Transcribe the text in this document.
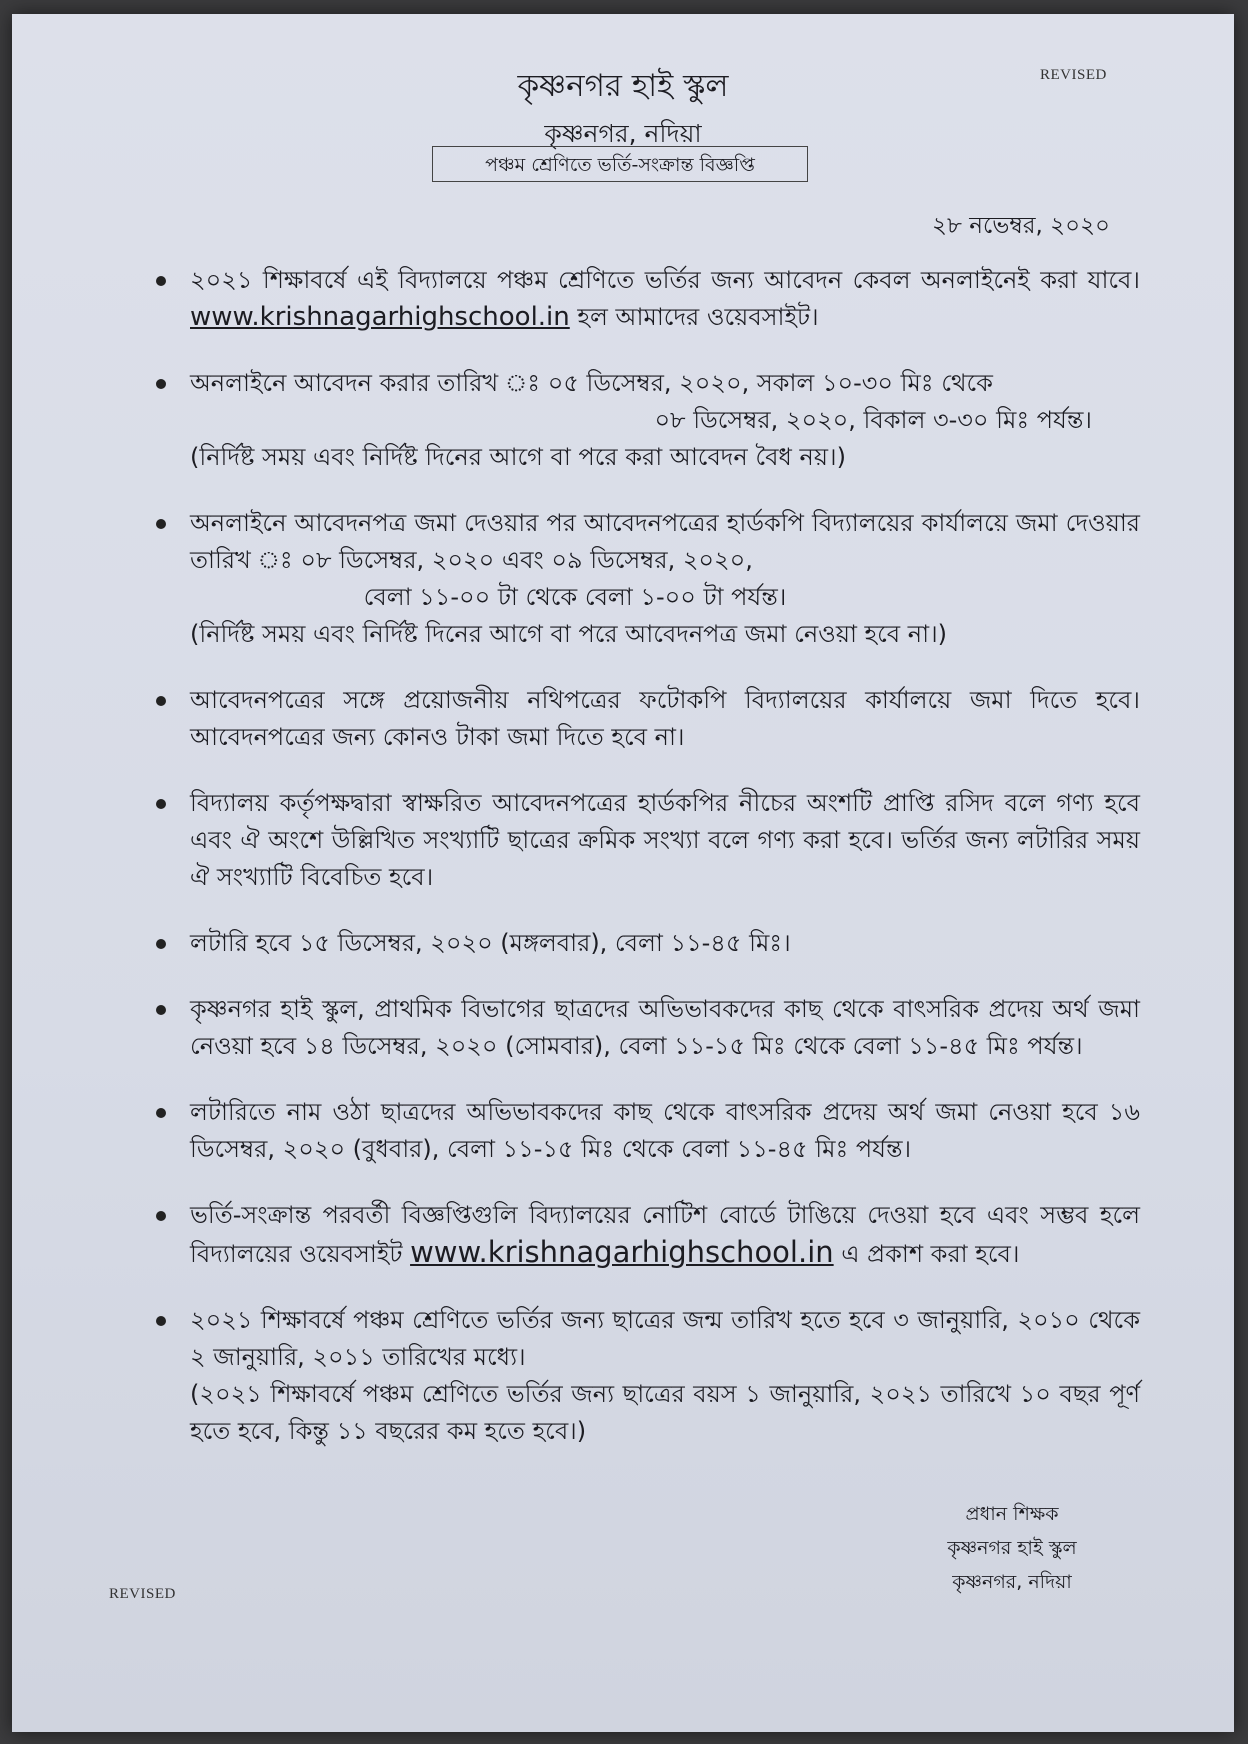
REVISED
কৃষ্ণনগর হাই স্কুল
কৃষ্ণনগর, নদিয়া
পঞ্চম শ্রেণিতে ভর্তি-সংক্রান্ত বিজ্ঞপ্তি
২৮ নভেম্বর, ২০২০
২০২১ শিক্ষাবর্ষে এই বিদ্যালয়ে পঞ্চম শ্রেণিতে ভর্তির জন্য আবেদন কেবল অনলাইনেই করা যাবে। www.krishnagarhighschool.in হল আমাদের ওয়েবসাইট।
অনলাইনে আবেদন করার তারিখ ঃ ০৫ ডিসেম্বর, ২০২০, সকাল ১০-৩০ মিঃ থেকে
০৮ ডিসেম্বর, ২০২০, বিকাল ৩-৩০ মিঃ পর্যন্ত।
(নির্দিষ্ট সময় এবং নির্দিষ্ট দিনের আগে বা পরে করা আবেদন বৈধ নয়।)
অনলাইনে আবেদনপত্র জমা দেওয়ার পর আবেদনপত্রের হার্ডকপি বিদ্যালয়ের কার্যালয়ে জমা দেওয়ার তারিখ ঃ ০৮ ডিসেম্বর, ২০২০ এবং ০৯ ডিসেম্বর, ২০২০,
বেলা ১১-০০ টা থেকে বেলা ১-০০ টা পর্যন্ত।
(নির্দিষ্ট সময় এবং নির্দিষ্ট দিনের আগে বা পরে আবেদনপত্র জমা নেওয়া হবে না।)
আবেদনপত্রের সঙ্গে প্রয়োজনীয় নথিপত্রের ফটোকপি বিদ্যালয়ের কার্যালয়ে জমা দিতে হবে। আবেদনপত্রের জন্য কোনও টাকা জমা দিতে হবে না।
বিদ্যালয় কর্তৃপক্ষদ্বারা স্বাক্ষরিত আবেদনপত্রের হার্ডকপির নীচের অংশটি প্রাপ্তি রসিদ বলে গণ্য হবে এবং ঐ অংশে উল্লিখিত সংখ্যাটি ছাত্রের ক্রমিক সংখ্যা বলে গণ্য করা হবে। ভর্তির জন্য লটারির সময় ঐ সংখ্যাটি বিবেচিত হবে।
লটারি হবে ১৫ ডিসেম্বর, ২০২০ (মঙ্গলবার), বেলা ১১-৪৫ মিঃ।
কৃষ্ণনগর হাই স্কুল, প্রাথমিক বিভাগের ছাত্রদের অভিভাবকদের কাছ থেকে বাৎসরিক প্রদেয় অর্থ জমা নেওয়া হবে ১৪ ডিসেম্বর, ২০২০ (সোমবার), বেলা ১১-১৫ মিঃ থেকে বেলা ১১-৪৫ মিঃ পর্যন্ত।
লটারিতে নাম ওঠা ছাত্রদের অভিভাবকদের কাছ থেকে বাৎসরিক প্রদেয় অর্থ জমা নেওয়া হবে ১৬ ডিসেম্বর, ২০২০ (বুধবার), বেলা ১১-১৫ মিঃ থেকে বেলা ১১-৪৫ মিঃ পর্যন্ত।
ভর্তি-সংক্রান্ত পরবর্তী বিজ্ঞপ্তিগুলি বিদ্যালয়ের নোটিশ বোর্ডে টাঙিয়ে দেওয়া হবে এবং সম্ভব হলে বিদ্যালয়ের ওয়েবসাইট www.krishnagarhighschool.in এ প্রকাশ করা হবে।
২০২১ শিক্ষাবর্ষে পঞ্চম শ্রেণিতে ভর্তির জন্য ছাত্রের জন্ম তারিখ হতে হবে ৩ জানুয়ারি, ২০১০ থেকে ২ জানুয়ারি, ২০১১ তারিখের মধ্যে।
(২০২১ শিক্ষাবর্ষে পঞ্চম শ্রেণিতে ভর্তির জন্য ছাত্রের বয়স ১ জানুয়ারি, ২০২১ তারিখে ১০ বছর পূর্ণ হতে হবে, কিন্তু ১১ বছরের কম হতে হবে।)
প্রধান শিক্ষক
কৃষ্ণনগর হাই স্কুল
কৃষ্ণনগর, নদিয়া
REVISED
